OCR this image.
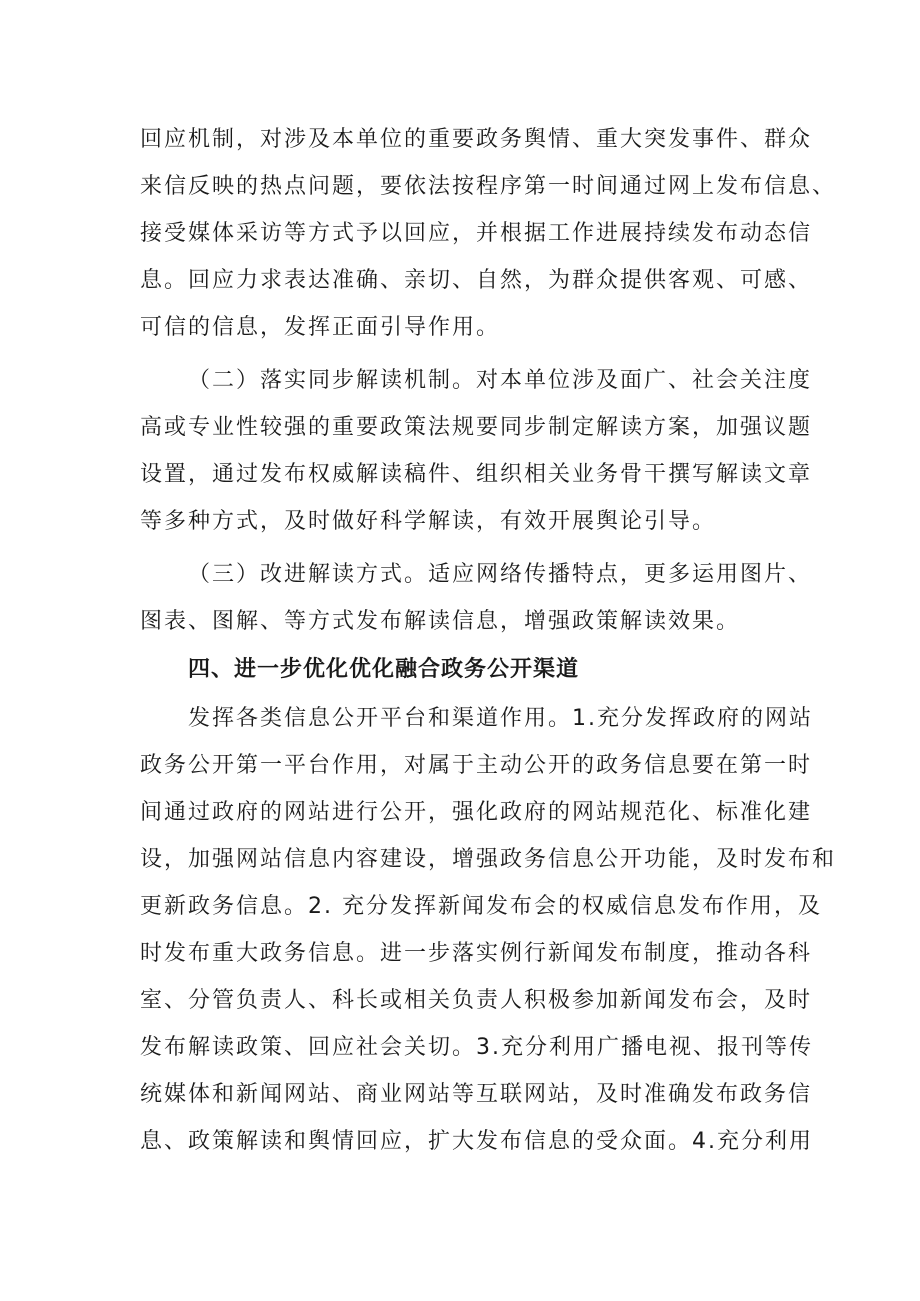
回应机制，对涉及本单位的重要政务舆情、重大突发事件、群众
来信反映的热点问题，要依法按程序第一时间通过网上发布信息、
接受媒体采访等方式予以回应，并根据工作进展持续发布动态信
息。回应力求表达准确、亲切、自然，为群众提供客观、可感、
可信的信息，发挥正面引导作用。
（二）落实同步解读机制。对本单位涉及面广、社会关注度
高或专业性较强的重要政策法规要同步制定解读方案，加强议题
设置，通过发布权威解读稿件、组织相关业务骨干撰写解读文章
等多种方式，及时做好科学解读，有效开展舆论引导。
（三）改进解读方式。适应网络传播特点，更多运用图片、
图表、图解、等方式发布解读信息，增强政策解读效果。
四、进一步优化优化融合政务公开渠道
发挥各类信息公开平台和渠道作用。1.充分发挥政府的网站
政务公开第一平台作用，对属于主动公开的政务信息要在第一时
间通过政府的网站进行公开，强化政府的网站规范化、标准化建
设，加强网站信息内容建设，增强政务信息公开功能，及时发布和
更新政务信息。2. 充分发挥新闻发布会的权威信息发布作用，及
时发布重大政务信息。进一步落实例行新闻发布制度，推动各科
室、分管负责人、科长或相关负责人积极参加新闻发布会，及时
发布解读政策、回应社会关切。3.充分利用广播电视、报刊等传
统媒体和新闻网站、商业网站等互联网站，及时准确发布政务信
息、政策解读和舆情回应，扩大发布信息的受众面。4.充分利用
